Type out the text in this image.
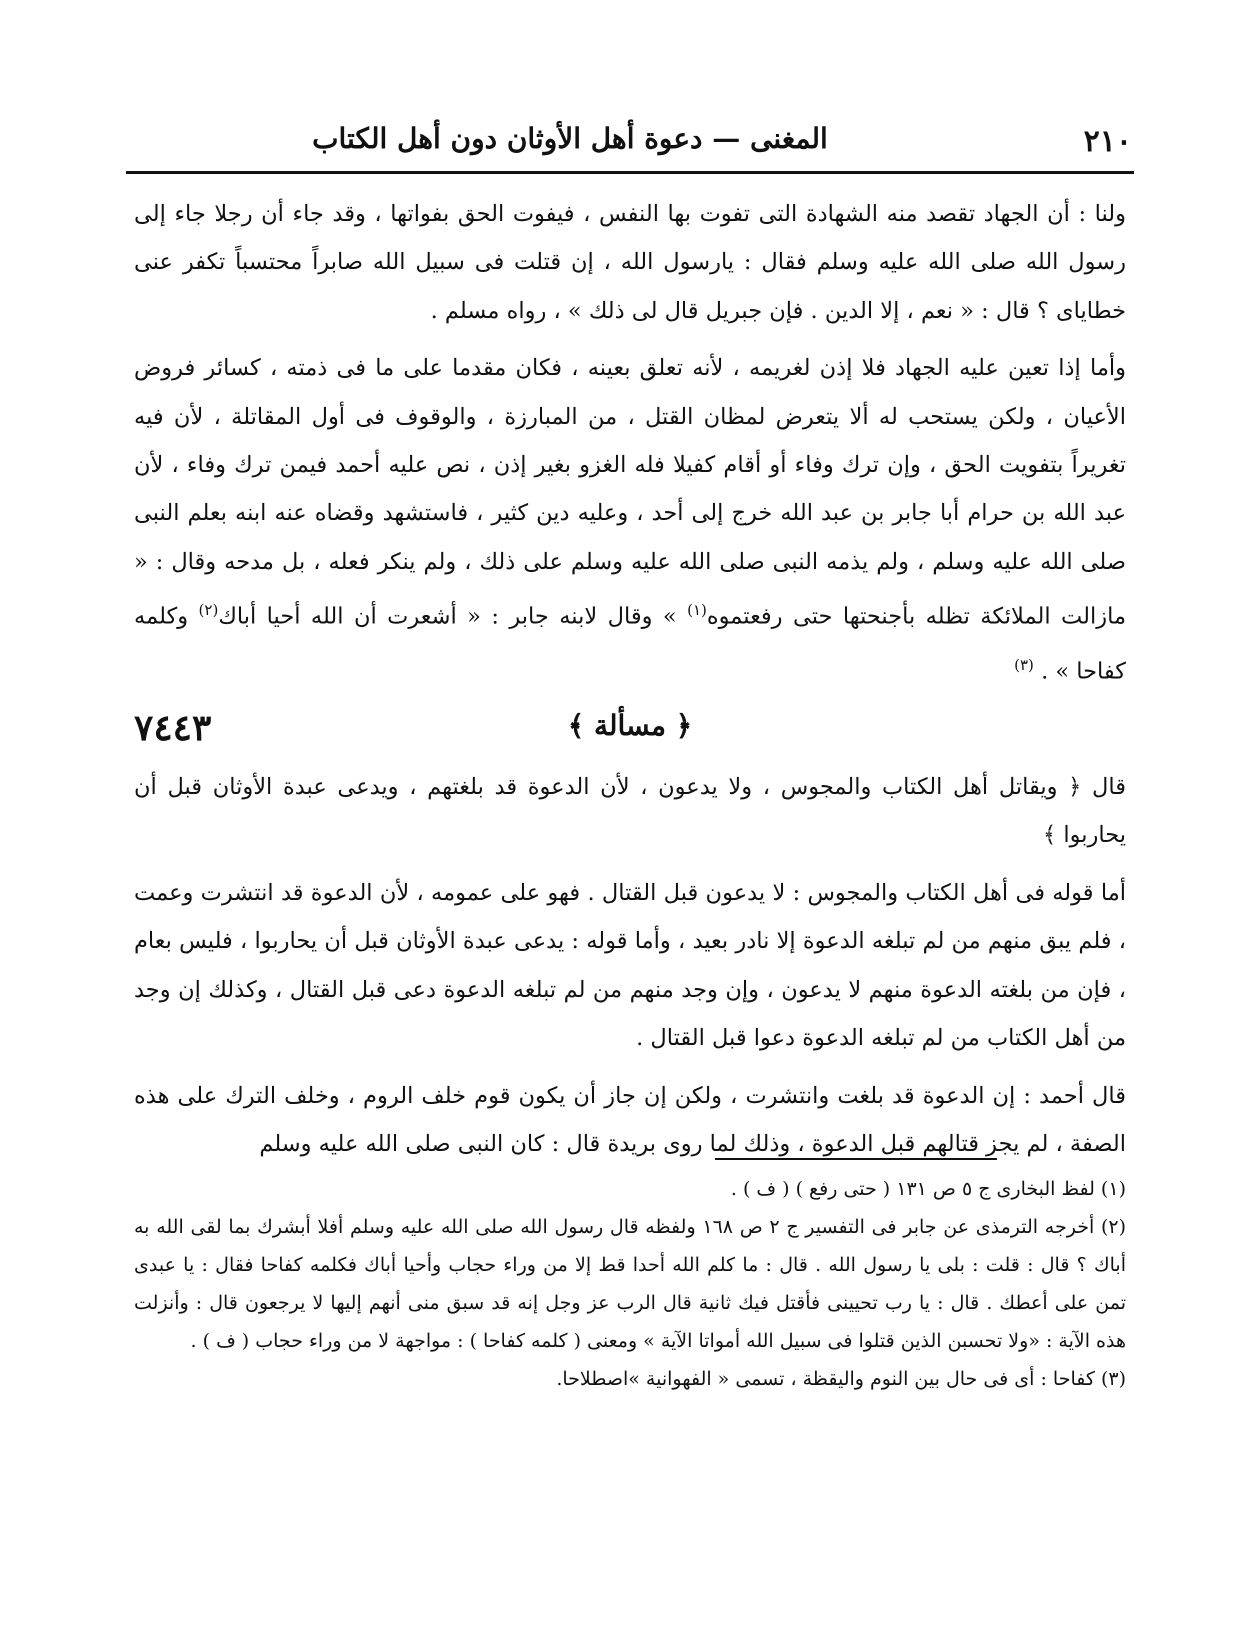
٢١٠
المغنى — دعوة أهل الأوثان دون أهل الكتاب

ولنا : أن الجهاد تقصد منه الشهادة التى تفوت بها النفس ، فيفوت الحق بفواتها ، وقد جاء أن رجلا جاء إلى رسول الله صلى الله عليه وسلم فقال : يارسول الله ، إن قتلت فى سبيل الله صابراً محتسباً تكفر عنى خطاياى ؟ قال : « نعم ، إلا الدين . فإن جبريل قال لى ذلك » ، رواه مسلم .

وأما إذا تعين عليه الجهاد فلا إذن لغريمه ، لأنه تعلق بعينه ، فكان مقدما على ما فى ذمته ، كسائر فروض الأعيان ، ولكن يستحب له ألا يتعرض لمظان القتل ، من المبارزة ، والوقوف فى أول المقاتلة ، لأن فيه تغريراً بتفويت الحق ، وإن ترك وفاء أو أقام كفيلا فله الغزو بغير إذن ، نص عليه أحمد فيمن ترك وفاء ، لأن عبد الله بن حرام أبا جابر بن عبد الله خرج إلى أحد ، وعليه دين كثير ، فاستشهد وقضاه عنه ابنه بعلم النبى صلى الله عليه وسلم ، ولم يذمه النبى صلى الله عليه وسلم على ذلك ، ولم ينكر فعله ، بل مدحه وقال : « مازالت الملائكة تظله بأجنحتها حتى رفعتموه$^{(١)}$ » وقال لابنه جابر : « أشعرت أن الله أحيا أباك$^{(٢)}$ وكلمه كفاحا » . $^{(٣)}$

﴿ مسألة ﴾
٧٤٤٣

قال ﴿ ويقاتل أهل الكتاب والمجوس ، ولا يدعون ، لأن الدعوة قد بلغتهم ، ويدعى عبدة الأوثان قبل أن يحاربوا ﴾

أما قوله فى أهل الكتاب والمجوس : لا يدعون قبل القتال . فهو على عمومه ، لأن الدعوة قد انتشرت وعمت ، فلم يبق منهم من لم تبلغه الدعوة إلا نادر بعيد ، وأما قوله : يدعى عبدة الأوثان قبل أن يحاربوا ، فليس بعام ، فإن من بلغته الدعوة منهم لا يدعون ، وإن وجد منهم من لم تبلغه الدعوة دعى قبل القتال ، وكذلك إن وجد من أهل الكتاب من لم تبلغه الدعوة دعوا قبل القتال .

قال أحمد : إن الدعوة قد بلغت وانتشرت ، ولكن إن جاز أن يكون قوم خلف الروم ، وخلف الترك على هذه الصفة ، لم يجز قتالهم قبل الدعوة ، وذلك لما روى بريدة قال : كان النبى صلى الله عليه وسلم

(١) لفظ البخارى ج ٥ ص ١٣١ ( حتى رفع ) ( ف ) .

(٢) أخرجه الترمذى عن جابر فى التفسير ج ٢ ص ١٦٨ ولفظه قال رسول الله صلى الله عليه وسلم أفلا أبشرك بما لقى الله به أباك ؟ قال : قلت : بلى يا رسول الله . قال : ما كلم الله أحدا قط إلا من وراء حجاب وأحيا أباك فكلمه كفاحا فقال : يا عبدى تمن على أعطك . قال : يا رب تحيينى فأقتل فيك ثانية قال الرب عز وجل إنه قد سبق منى أنهم إليها لا يرجعون قال : وأنزلت هذه الآية : «ولا تحسبن الذين قتلوا فى سبيل الله أمواتا الآية » ومعنى ( كلمه كفاحا ) : مواجهة لا من وراء حجاب ( ف ) .

(٣) كفاحا : أى فى حال بين النوم واليقظة ، تسمى « الفهوانية »اصطلاحا.
